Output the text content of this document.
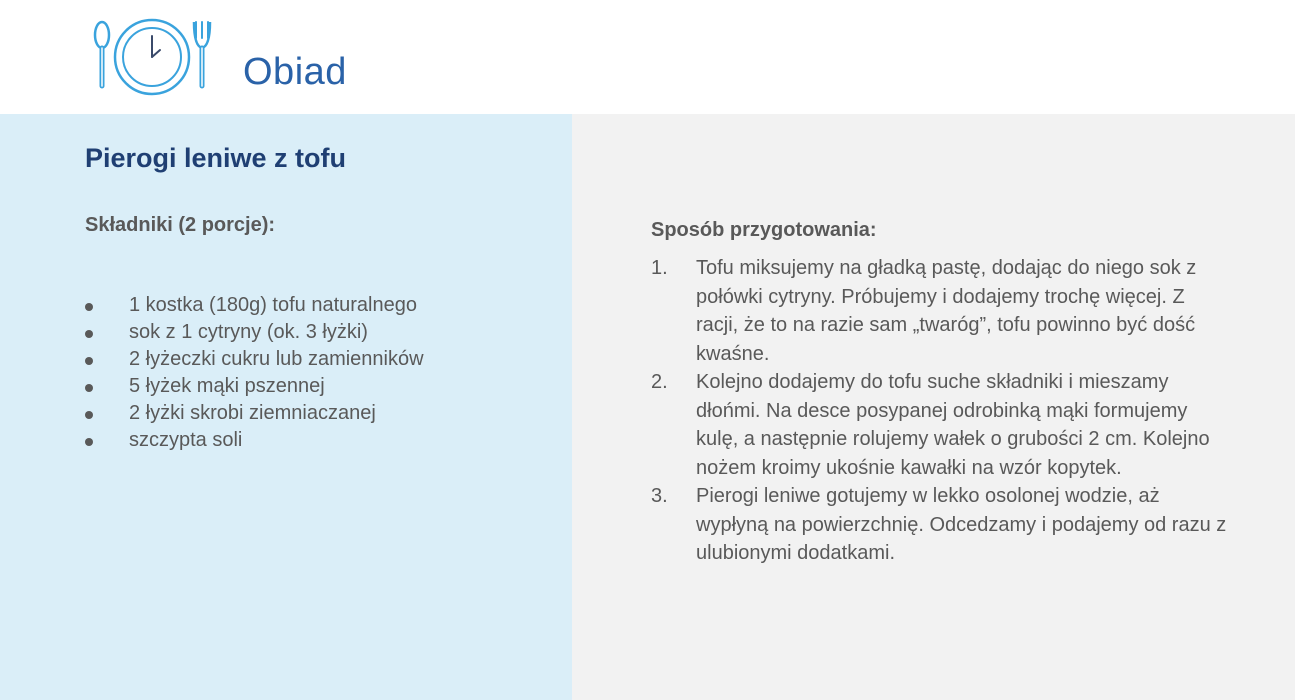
Obiad
Pierogi leniwe z tofu
Składniki (2 porcje):
1 kostka (180g) tofu naturalnego
sok z 1 cytryny (ok. 3 łyżki)
2 łyżeczki cukru lub zamienników
5 łyżek mąki pszennej
2 łyżki skrobi ziemniaczanej
szczypta soli
Sposób przygotowania:
1. Tofu miksujemy na gładką pastę, dodając do niego sok z połówki cytryny. Próbujemy i dodajemy trochę więcej. Z racji, że to na razie sam „twaróg”, tofu powinno być dość kwaśne.
2. Kolejno dodajemy do tofu suche składniki i mieszamy dłońmi. Na desce posypanej odrobinką mąki formujemy kulę, a następnie rolujemy wałek o grubości 2 cm. Kolejno nożem kroimy ukośnie kawałki na wzór kopytek.
3. Pierogi leniwe gotujemy w lekko osolonej wodzie, aż wypłyną na powierzchnię. Odcedzamy i podajemy od razu z ulubionymi dodatkami.
